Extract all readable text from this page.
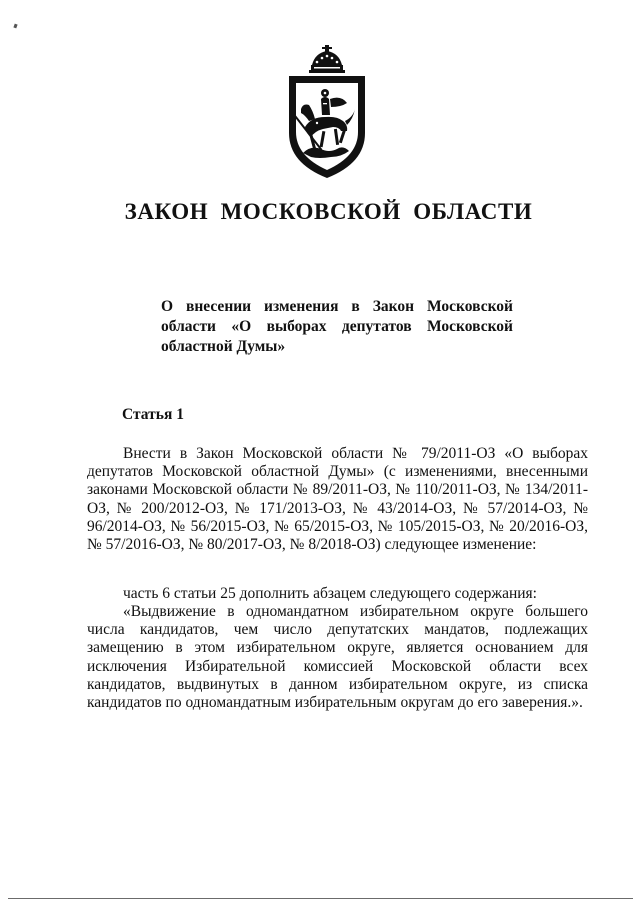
ЗАКОН МОСКОВСКОЙ ОБЛАСТИ
О внесении изменения в Закон Московской области «О выборах депутатов Московской областной Думы»
Статья 1
Внести в Закон Московской области № 79/2011-ОЗ «О выборах депутатов Московской областной Думы» (с изменениями, внесенными законами Московской области № 89/2011-ОЗ, № 110/2011-ОЗ, № 134/2011-ОЗ, № 200/2012-ОЗ, № 171/2013-ОЗ, № 43/2014-ОЗ, № 57/2014-ОЗ, № 96/2014-ОЗ, № 56/2015-ОЗ, № 65/2015-ОЗ, № 105/2015-ОЗ, № 20/2016-ОЗ, № 57/2016-ОЗ, № 80/2017-ОЗ, № 8/2018-ОЗ) следующее изменение:
часть 6 статьи 25 дополнить абзацем следующего содержания:
«Выдвижение в одномандатном избирательном округе большего числа кандидатов, чем число депутатских мандатов, подлежащих замещению в этом избирательном округе, является основанием для исключения Избирательной комиссией Московской области всех кандидатов, выдвинутых в данном избирательном округе, из списка кандидатов по одномандатным избирательным округам до его заверения.».
